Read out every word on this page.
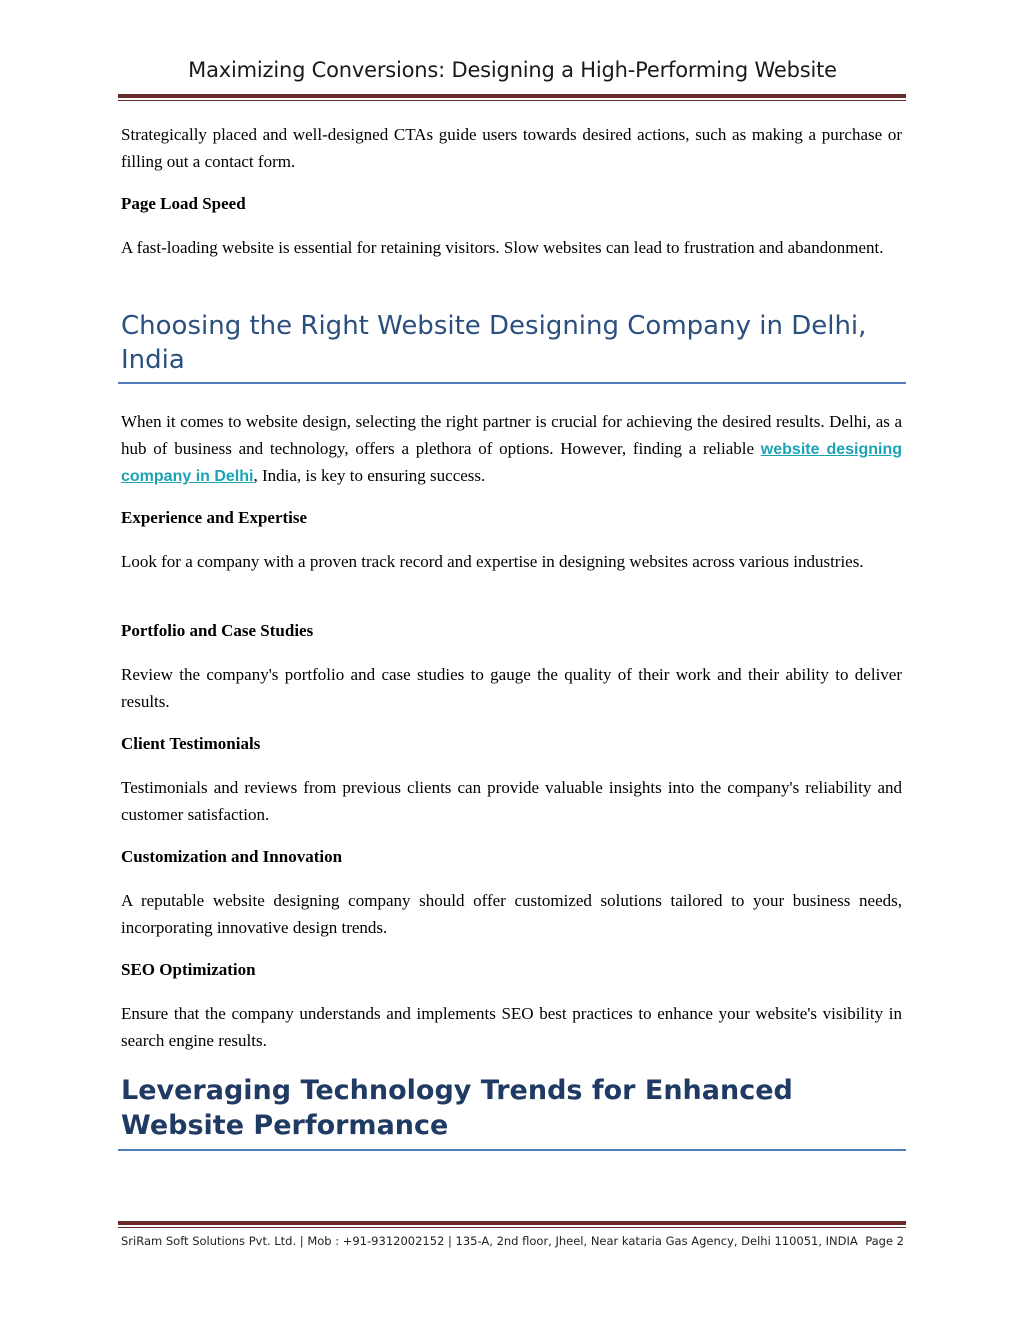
Maximizing Conversions: Designing a High-Performing Website

Strategically placed and well-designed CTAs guide users towards desired actions, such as making a purchase or filling out a contact form.

Page Load Speed

A fast-loading website is essential for retaining visitors. Slow websites can lead to frustration and abandonment.

Choosing the Right Website Designing Company in Delhi, India

When it comes to website design, selecting the right partner is crucial for achieving the desired results. Delhi, as a hub of business and technology, offers a plethora of options. However, finding a reliable website designing company in Delhi, India, is key to ensuring success.

Experience and Expertise

Look for a company with a proven track record and expertise in designing websites across various industries.

Portfolio and Case Studies

Review the company's portfolio and case studies to gauge the quality of their work and their ability to deliver results.

Client Testimonials

Testimonials and reviews from previous clients can provide valuable insights into the company's reliability and customer satisfaction.

Customization and Innovation

A reputable website designing company should offer customized solutions tailored to your business needs, incorporating innovative design trends.

SEO Optimization

Ensure that the company understands and implements SEO best practices to enhance your website's visibility in search engine results.

Leveraging Technology Trends for Enhanced Website Performance
SriRam Soft Solutions Pvt. Ltd. | Mob : +91-9312002152 | 135-A, 2nd floor, Jheel, Near kataria Gas Agency, Delhi 110051, INDIA Page 2
